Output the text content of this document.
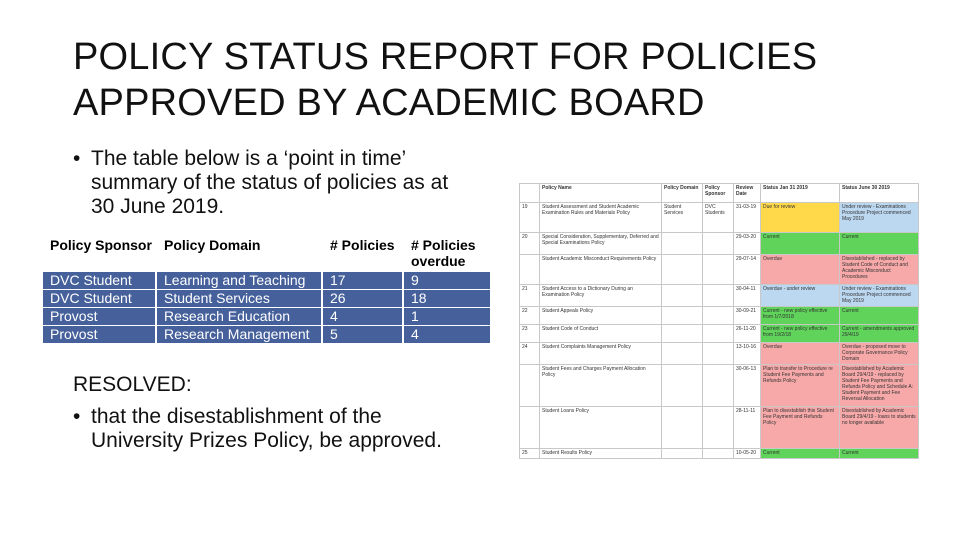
POLICY STATUS REPORT FOR POLICIES
APPROVED BY ACADEMIC BOARD
• The table below is a ‘point in time’ summary of the status of policies as at 30 June 2019.
Policy Sponsor	Policy Domain	# Policies	# Policies overdue
DVC Student	Learning and Teaching	17	9
DVC Student	Student Services	26	18
Provost	Research Education	4	1
Provost	Research Management	5	4
RESOLVED:
• that the disestablishment of the University Prizes Policy, be approved.
	Policy Name	Policy Domain	Policy Sponsor	Review Date	Status Jan 31 2019	Status June 30 2019
19	Student Assessment and Student Academic Examination Rules and Materials Policy	Student Services	DVC Students	31-03-19	Due for review	Under review - Examinations Procedure Project commenced May 2019
20	Special Consideration, Supplementary, Deferred and Special Examinations Policy			29-03-20	Current	Current
	Student Academic Misconduct Requirements Policy			29-07-14	Overdue	Disestablished - replaced by Student Code of Conduct and Academic Misconduct Procedures
21	Student Access to a Dictionary During an Examination Policy			30-04-11	Overdue - under review	Under review - Examinations Procedure Project commenced May 2019
22	Student Appeals Policy			30-09-21	Current - new policy effective from 1/7/2018	Current
23	Student Code of Conduct			26-11-20	Current - new policy effective from 19/2/18	Current - amendments approved 29/4/19
24	Student Complaints Management Policy			13-10-16	Overdue	Overdue - proposed move to Corporate Governance Policy Domain
	Student Fees and Charges Payment Allocation Policy			30-06-13	Plan to transfer to Procedure re Student Fee Payments and Refunds Policy	Disestablished by Academic Board 29/4/19 - replaced by Student Fee Payments and Refunds Policy and Schedule A: Student Payment and Fee Reversal Allocation
	Student Loans Policy			28-11-11	Plan to disestablish this Student Fee Payment and Refunds Policy	Disestablished by Academic Board 29/4/19 - loans to students no longer available
25	Student Results Policy			10-05-20	Current	Current
